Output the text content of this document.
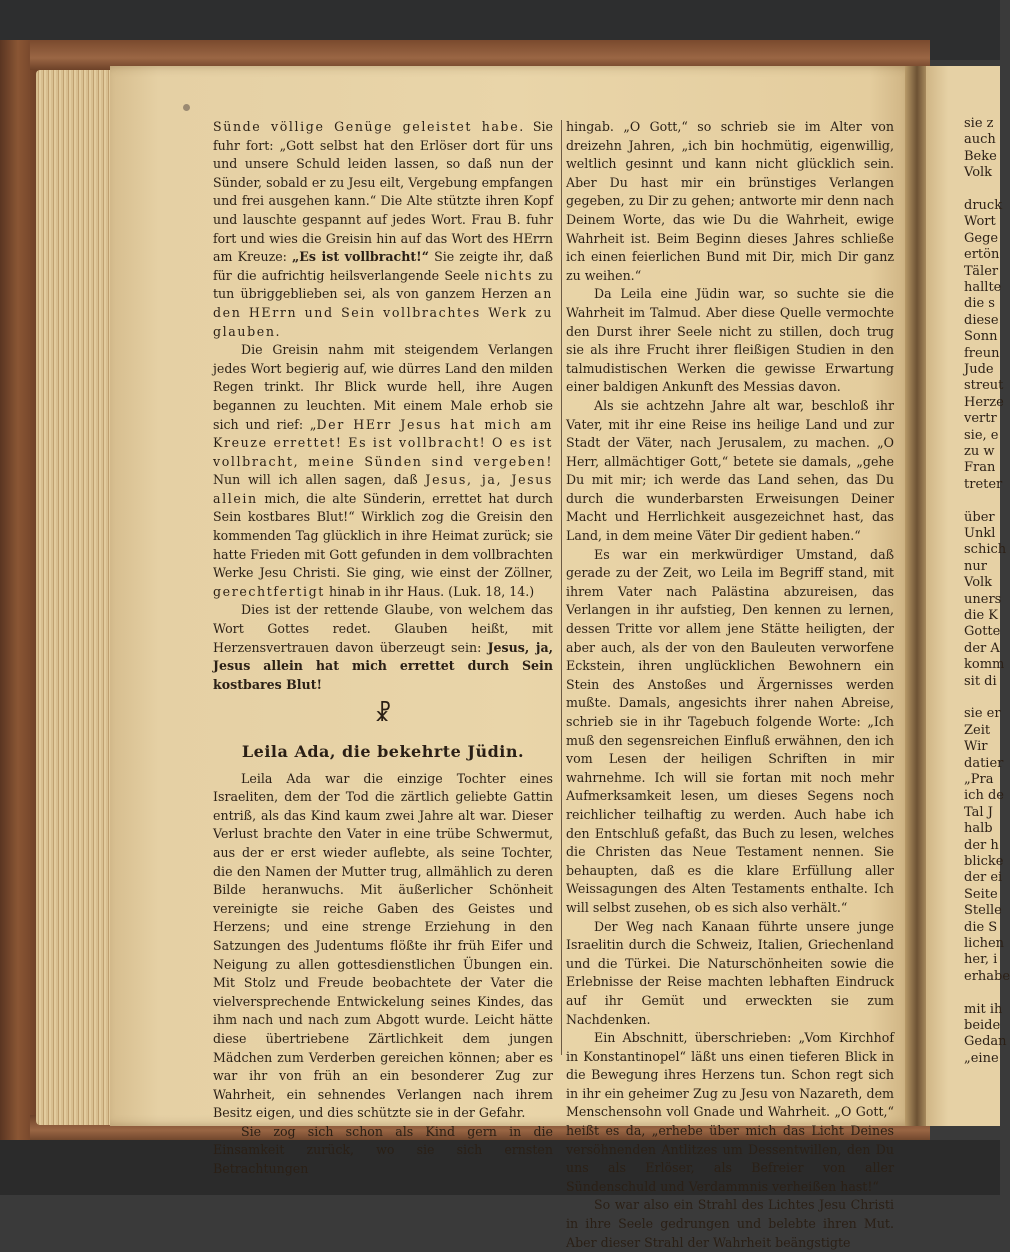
sie z
auch
Beke
Volk
druck
Wort
Gege
ertön
Täler
hallte
die s
diese
Sonn
freun
Jude
streut
Herze
vertr
sie, e
zu w
Fran
treter
über
Unkl
schich
nur
Volk
uners
die K
Gotte
der A
komm
sit di
sie er
Zeit
Wir
datier
„Pra
ich de
Tal J
halb
der h
blicke
der ei
Seite
Stelle
die S
lichen
her, i
erhabe
mit ih
beide
Gedan
„eine

Sünde völlige Genüge geleistet habe. Sie fuhr fort: „Gott selbst hat den Erlöser dort für uns und unsere Schuld leiden lassen, so daß nun der Sünder, sobald er zu Jesu eilt, Vergebung empfangen und frei ausgehen kann.“ Die Alte stützte ihren Kopf und lauschte gespannt auf jedes Wort. Frau B. fuhr fort und wies die Greisin hin auf das Wort des HErrn am Kreuze: „Es ist vollbracht!“ Sie zeigte ihr, daß für die aufrichtig heilsverlangende Seele nichts zu tun übriggeblieben sei, als von ganzem Herzen an den HErrn und Sein vollbrachtes Werk zu glauben.

Die Greisin nahm mit steigendem Verlangen jedes Wort begierig auf, wie dürres Land den milden Regen trinkt. Ihr Blick wurde hell, ihre Augen begannen zu leuchten. Mit einem Male erhob sie sich und rief: „Der HErr Jesus hat mich am Kreuze errettet! Es ist vollbracht! O es ist vollbracht, meine Sünden sind vergeben! Nun will ich allen sagen, daß Jesus, ja, Jesus allein mich, die alte Sünderin, errettet hat durch Sein kostbares Blut!“ Wirklich zog die Greisin den kommenden Tag glücklich in ihre Heimat zurück; sie hatte Frieden mit Gott gefunden in dem vollbrachten Werke Jesu Christi. Sie ging, wie einst der Zöllner, gerechtfertigt hinab in ihr Haus. (Luk. 18, 14.)

Dies ist der rettende Glaube, von welchem das Wort Gottes redet. Glauben heißt, mit Herzensvertrauen davon überzeugt sein: Jesus, ja, Jesus allein hat mich errettet durch Sein kostbares Blut!

☧
Leila Ada, die bekehrte Jüdin.

Leila Ada war die einzige Tochter eines Israeliten, dem der Tod die zärtlich geliebte Gattin entriß, als das Kind kaum zwei Jahre alt war. Dieser Verlust brachte den Vater in eine trübe Schwermut, aus der er erst wieder auflebte, als seine Tochter, die den Namen der Mutter trug, allmählich zu deren Bilde heranwuchs. Mit äußerlicher Schönheit vereinigte sie reiche Gaben des Geistes und Herzens; und eine strenge Erziehung in den Satzungen des Judentums flößte ihr früh Eifer und Neigung zu allen gottesdienstlichen Übungen ein. Mit Stolz und Freude beobachtete der Vater die vielversprechende Entwickelung seines Kindes, das ihm nach und nach zum Abgott wurde. Leicht hätte diese übertriebene Zärtlichkeit dem jungen Mädchen zum Verderben gereichen können; aber es war ihr von früh an ein besonderer Zug zur Wahrheit, ein sehnendes Verlangen nach ihrem Besitz eigen, und dies schützte sie in der Gefahr.

Sie zog sich schon als Kind gern in die Einsamkeit zurück, wo sie sich ernsten Betrachtungen

hingab. „O Gott,“ so schrieb sie im Alter von dreizehn Jahren, „ich bin hochmütig, eigenwillig, weltlich gesinnt und kann nicht glücklich sein. Aber Du hast mir ein brünstiges Verlangen gegeben, zu Dir zu gehen; antworte mir denn nach Deinem Worte, das wie Du die Wahrheit, ewige Wahrheit ist. Beim Beginn dieses Jahres schließe ich einen feierlichen Bund mit Dir, mich Dir ganz zu weihen.“

Da Leila eine Jüdin war, so suchte sie die Wahrheit im Talmud. Aber diese Quelle vermochte den Durst ihrer Seele nicht zu stillen, doch trug sie als ihre Frucht ihrer fleißigen Studien in den talmudistischen Werken die gewisse Erwartung einer baldigen Ankunft des Messias davon.

Als sie achtzehn Jahre alt war, beschloß ihr Vater, mit ihr eine Reise ins heilige Land und zur Stadt der Väter, nach Jerusalem, zu machen. „O Herr, allmächtiger Gott,“ betete sie damals, „gehe Du mit mir; ich werde das Land sehen, das Du durch die wunderbarsten Erweisungen Deiner Macht und Herrlichkeit ausgezeichnet hast, das Land, in dem meine Väter Dir gedient haben.“

Es war ein merkwürdiger Umstand, daß gerade zu der Zeit, wo Leila im Begriff stand, mit ihrem Vater nach Palästina abzureisen, das Verlangen in ihr aufstieg, Den kennen zu lernen, dessen Tritte vor allem jene Stätte heiligten, der aber auch, als der von den Bauleuten verworfene Eckstein, ihren unglücklichen Bewohnern ein Stein des Anstoßes und Ärgernisses werden mußte. Damals, angesichts ihrer nahen Abreise, schrieb sie in ihr Tagebuch folgende Worte: „Ich muß den segensreichen Einfluß erwähnen, den ich vom Lesen der heiligen Schriften in mir wahrnehme. Ich will sie fortan mit noch mehr Aufmerksamkeit lesen, um dieses Segens noch reichlicher teilhaftig zu werden. Auch habe ich den Entschluß gefaßt, das Buch zu lesen, welches die Christen das Neue Testament nennen. Sie behaupten, daß es die klare Erfüllung aller Weissagungen des Alten Testaments enthalte. Ich will selbst zusehen, ob es sich also verhält.“

Der Weg nach Kanaan führte unsere junge Israelitin durch die Schweiz, Italien, Griechenland und die Türkei. Die Naturschönheiten sowie die Erlebnisse der Reise machten lebhaften Eindruck auf ihr Gemüt und erweckten sie zum Nachdenken.

Ein Abschnitt, überschrieben: „Vom Kirchhof in Konstantinopel“ läßt uns einen tieferen Blick in die Bewegung ihres Herzens tun. Schon regt sich in ihr ein geheimer Zug zu Jesu von Nazareth, dem Menschensohn voll Gnade und Wahrheit. „O Gott,“ heißt es da, „erhebe über mich das Licht Deines versöhnenden Antlitzes um Dessentwillen, den Du uns als Erlöser, als Befreier von aller Sündenschuld und Verdammnis verheißen hast!“

So war also ein Strahl des Lichtes Jesu Christi in ihre Seele gedrungen und belebte ihren Mut. Aber dieser Strahl der Wahrheit beängstigte
